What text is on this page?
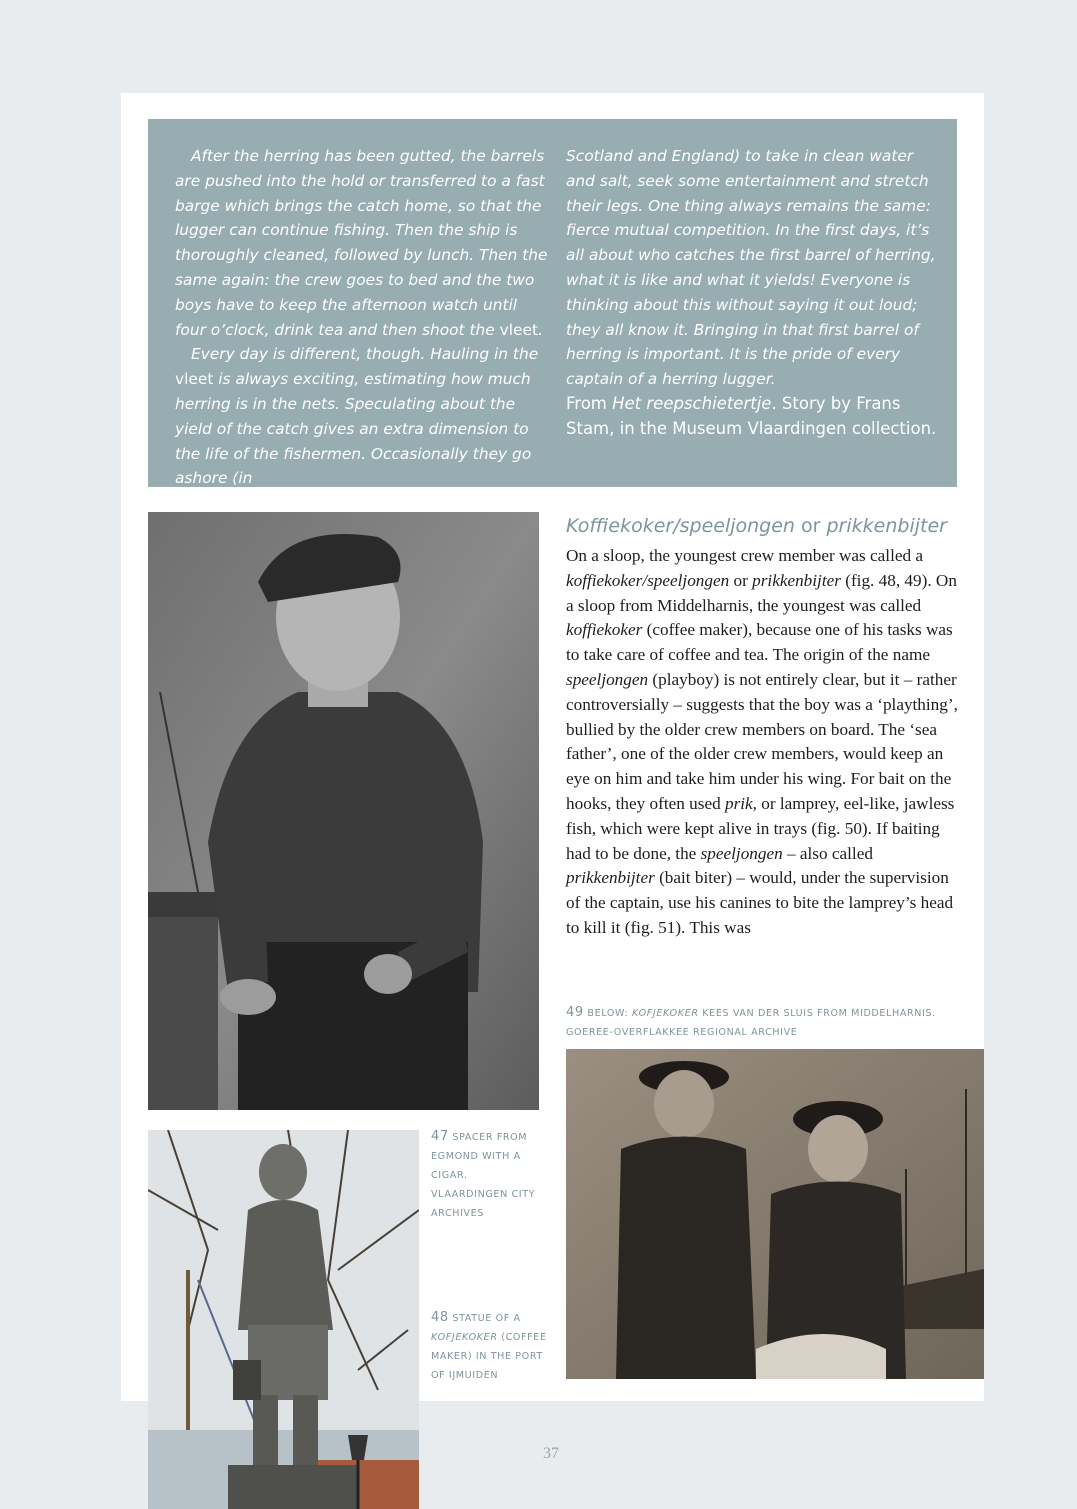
After the herring has been gutted, the barrels are pushed into the hold or transferred to a fast barge which brings the catch home, so that the lugger can continue fishing. Then the ship is thoroughly cleaned, followed by lunch. Then the same again: the crew goes to bed and the two boys have to keep the afternoon watch until four o’clock, drink tea and then shoot the vleet.

Every day is different, though. Hauling in the vleet is always exciting, estimating how much herring is in the nets. Speculating about the yield of the catch gives an extra dimension to the life of the fishermen. Occasionally they go ashore (in

Scotland and England) to take in clean water and salt, seek some entertainment and stretch their legs. One thing always remains the same: fierce mutual competition. In the first days, it’s all about who catches the first barrel of herring, what it is like and what it yields! Everyone is thinking about this without saying it out loud; they all know it. Bringing in that first barrel of herring is important. It is the pride of every captain of a herring lugger.

From Het reepschietertje. Story by Frans Stam, in the Museum Vlaardingen collection.
Koffiekoker/speeljongen or prikkenbijter
On a sloop, the youngest crew member was called a koffiekoker/speeljongen or prikkenbijter (fig. 48, 49). On a sloop from Middelharnis, the youngest was called koffiekoker (coffee maker), because one of his tasks was to take care of coffee and tea. The origin of the name speeljongen (playboy) is not entirely clear, but it – rather controversially – suggests that the boy was a ‘plaything’, bullied by the older crew members on board. The ‘sea father’, one of the older crew members, would keep an eye on him and take him under his wing. For bait on the hooks, they often used prik, or lamprey, eel-like, jawless fish, which were kept alive in trays (fig. 50). If baiting had to be done, the speeljongen – also called prikkenbijter (bait biter) – would, under the supervision of the captain, use his canines to bite the lamprey’s head to kill it (fig. 51). This was
47 SPACER FROM EGMOND WITH A CIGAR. VLAARDINGEN CITY ARCHIVES
48 STATUE OF A KOFJEKOKER (COFFEE MAKER) IN THE PORT OF IJMUIDEN
49 BELOW: KOFJEKOKER KEES VAN DER SLUIS FROM MIDDELHARNIS. GOEREE-OVERFLAKKEE REGIONAL ARCHIVE
37
